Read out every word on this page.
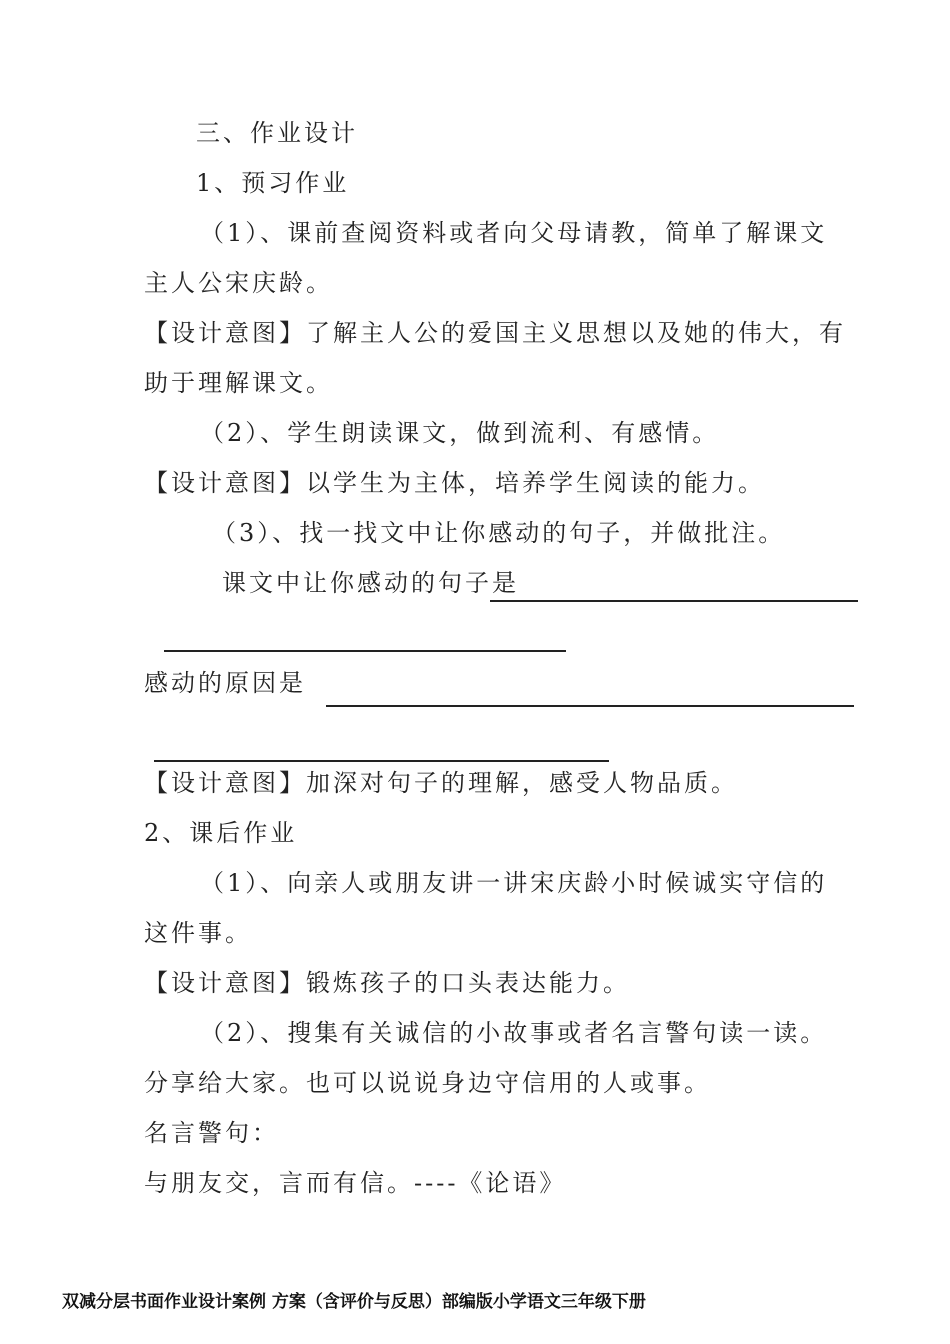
三、作业设计
1、预习作业
（1）、课前查阅资料或者向父母请教，简单了解课文
主人公宋庆龄。
【设计意图】了解主人公的爱国主义思想以及她的伟大，有
助于理解课文。
（2）、学生朗读课文，做到流利、有感情。
【设计意图】以学生为主体，培养学生阅读的能力。
（3）、找一找文中让你感动的句子，并做批注。
课文中让你感动的句子是
感动的原因是
【设计意图】加深对句子的理解，感受人物品质。
2、课后作业
（1）、向亲人或朋友讲一讲宋庆龄小时候诚实守信的
这件事。
【设计意图】锻炼孩子的口头表达能力。
（2）、搜集有关诚信的小故事或者名言警句读一读。
分享给大家。也可以说说身边守信用的人或事。
名言警句：
与朋友交，言而有信。----《论语》
双减分层书面作业设计案例 方案（含评价与反思）部编版小学语文三年级下册
